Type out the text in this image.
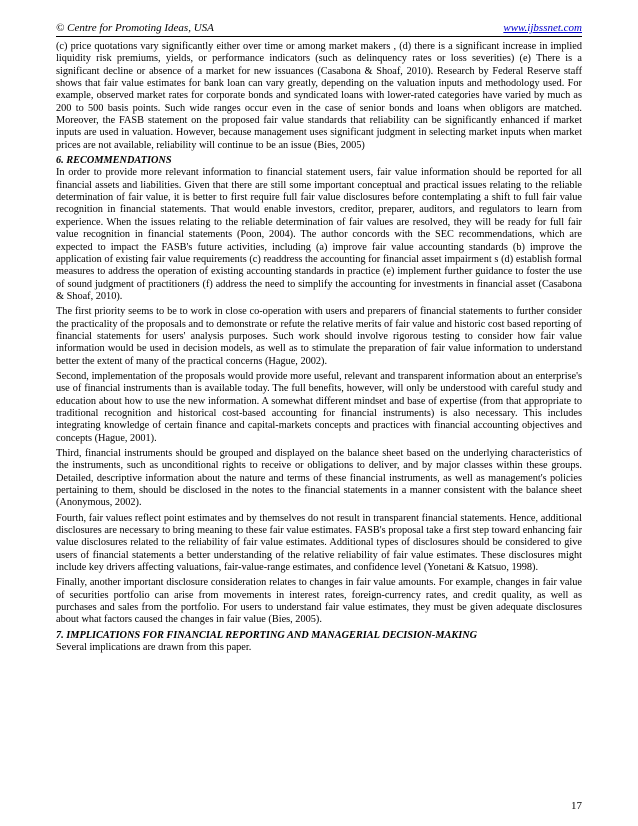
© Centre for Promoting Ideas, USA	www.ijbssnet.com
(c) price quotations vary significantly either over time or among market makers , (d) there is a significant increase in implied liquidity risk premiums, yields, or performance indicators (such as delinquency rates or loss severities) (e) There is a significant decline or absence of a market for new issuances (Casabona & Shoaf, 2010). Research by Federal Reserve staff shows that fair value estimates for bank loan can vary greatly, depending on the valuation inputs and methodology used. For example, observed market rates for corporate bonds and syndicated loans with lower-rated categories have varied by much as 200 to 500 basis points. Such wide ranges occur even in the case of senior bonds and loans when obligors are matched. Moreover, the FASB statement on the proposed fair value standards that reliability can be significantly enhanced if market inputs are used in valuation. However, because management uses significant judgment in selecting market inputs when market prices are not available, reliability will continue to be an issue (Bies, 2005)
6. RECOMMENDATIONS
In order to provide more relevant information to financial statement users, fair value information should be reported for all financial assets and liabilities. Given that there are still some important conceptual and practical issues relating to the reliable determination of fair value, it is better to first require full fair value disclosures before contemplating a shift to full fair value recognition in financial statements. That would enable investors, creditor, preparer, auditors, and regulators to learn from experience. When the issues relating to the reliable determination of fair values are resolved, they will be ready for full fair value recognition in financial statements (Poon, 2004). The author concords with the SEC recommendations, which are expected to impact the FASB's future activities, including (a) improve fair value accounting standards (b) improve the application of existing fair value requirements (c) readdress the accounting for financial asset impairment s (d) establish formal measures to address the operation of existing accounting standards in practice (e) implement further guidance to foster the use of sound judgment of practitioners (f) address the need to simplify the accounting for investments in financial asset (Casabona & Shoaf, 2010).
The first priority seems to be to work in close co-operation with users and preparers of financial statements to further consider the practicality of the proposals and to demonstrate or refute the relative merits of fair value and historic cost based reporting of financial statements for users' analysis purposes. Such work should involve rigorous testing to consider how fair value information would be used in decision models, as well as to stimulate the preparation of fair value information to understand better the extent of many of the practical concerns (Hague, 2002).
Second, implementation of the proposals would provide more useful, relevant and transparent information about an enterprise's use of financial instruments than is available today. The full benefits, however, will only be understood with careful study and education about how to use the new information. A somewhat different mindset and base of expertise (from that appropriate to traditional recognition and historical cost-based accounting for financial instruments) is also necessary. This includes integrating knowledge of certain finance and capital-markets concepts and practices with financial accounting objectives and concepts (Hague, 2001).
Third, financial instruments should be grouped and displayed on the balance sheet based on the underlying characteristics of the instruments, such as unconditional rights to receive or obligations to deliver, and by major classes within these groups. Detailed, descriptive information about the nature and terms of these financial instruments, as well as management's policies pertaining to them, should be disclosed in the notes to the financial statements in a manner consistent with the balance sheet (Anonymous, 2002).
Fourth, fair values reflect point estimates and by themselves do not result in transparent financial statements. Hence, additional disclosures are necessary to bring meaning to these fair value estimates. FASB's proposal take a first step toward enhancing fair value disclosures related to the reliability of fair value estimates. Additional types of disclosures should be considered to give users of financial statements a better understanding of the relative reliability of fair value estimates. These disclosures might include key drivers affecting valuations, fair-value-range estimates, and confidence level (Yonetani & Katsuo, 1998).
Finally, another important disclosure consideration relates to changes in fair value amounts. For example, changes in fair value of securities portfolio can arise from movements in interest rates, foreign-currency rates, and credit quality, as well as purchases and sales from the portfolio. For users to understand fair value estimates, they must be given adequate disclosures about what factors caused the changes in fair value (Bies, 2005).
7. IMPLICATIONS FOR FINANCIAL REPORTING AND MANAGERIAL DECISION-MAKING
Several implications are drawn from this paper.
17
